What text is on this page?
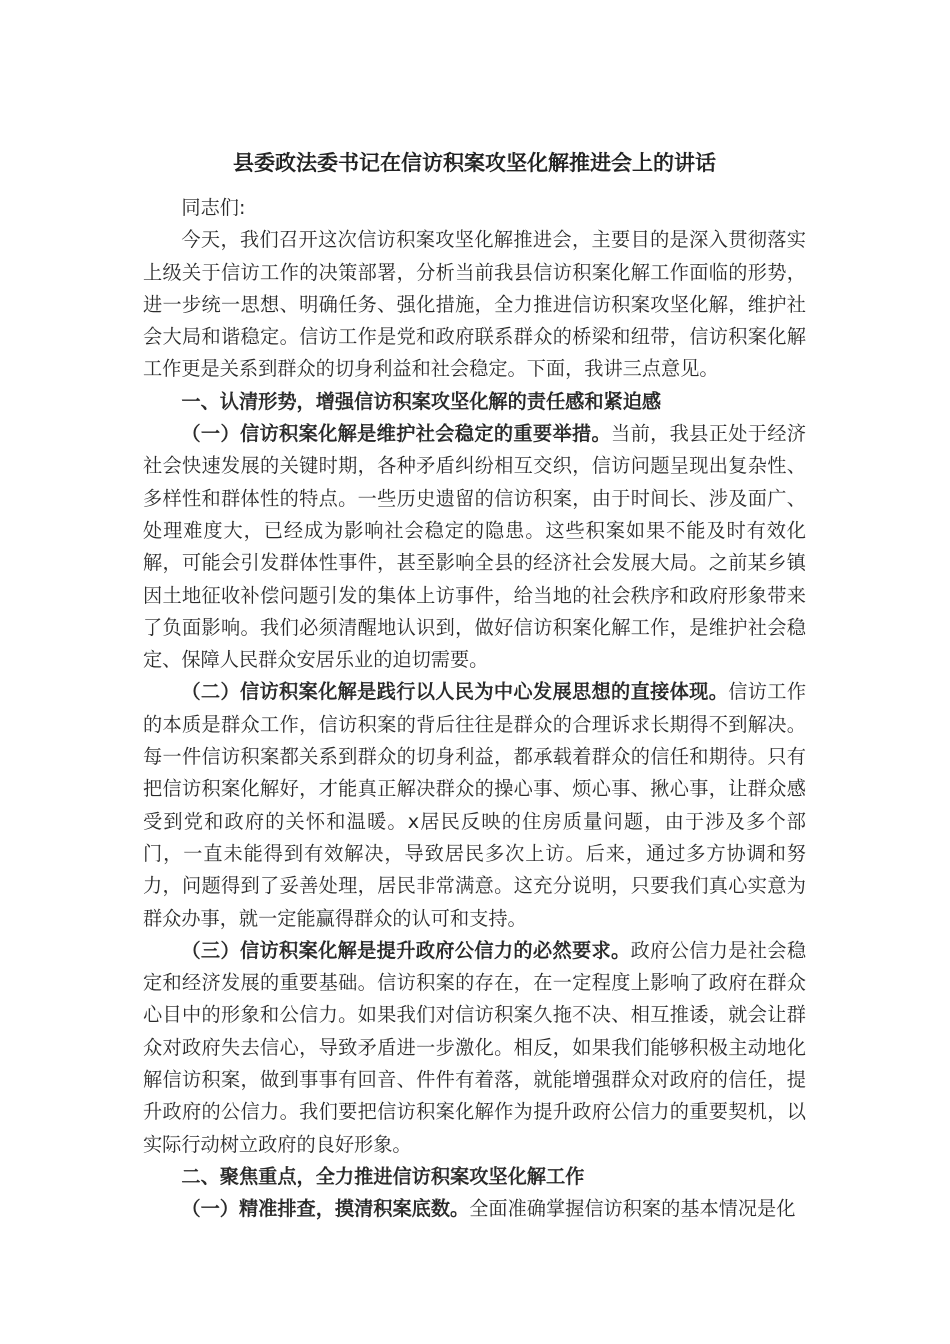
县委政法委书记在信访积案攻坚化解推进会上的讲话

同志们:

今天，我们召开这次信访积案攻坚化解推进会，主要目的是深入贯彻落实上级关于信访工作的决策部署，分析当前我县信访积案化解工作面临的形势，进一步统一思想、明确任务、强化措施，全力推进信访积案攻坚化解，维护社会大局和谐稳定。信访工作是党和政府联系群众的桥梁和纽带，信访积案化解工作更是关系到群众的切身利益和社会稳定。下面，我讲三点意见。

一、认清形势，增强信访积案攻坚化解的责任感和紧迫感

（一）信访积案化解是维护社会稳定的重要举措。当前，我县正处于经济社会快速发展的关键时期，各种矛盾纠纷相互交织，信访问题呈现出复杂性、多样性和群体性的特点。一些历史遗留的信访积案，由于时间长、涉及面广、处理难度大，已经成为影响社会稳定的隐患。这些积案如果不能及时有效化解，可能会引发群体性事件，甚至影响全县的经济社会发展大局。之前某乡镇因土地征收补偿问题引发的集体上访事件，给当地的社会秩序和政府形象带来了负面影响。我们必须清醒地认识到，做好信访积案化解工作，是维护社会稳定、保障人民群众安居乐业的迫切需要。

（二）信访积案化解是践行以人民为中心发展思想的直接体现。信访工作的本质是群众工作，信访积案的背后往往是群众的合理诉求长期得不到解决。每一件信访积案都关系到群众的切身利益，都承载着群众的信任和期待。只有把信访积案化解好，才能真正解决群众的操心事、烦心事、揪心事，让群众感受到党和政府的关怀和温暖。x居民反映的住房质量问题，由于涉及多个部门，一直未能得到有效解决，导致居民多次上访。后来，通过多方协调和努力，问题得到了妥善处理，居民非常满意。这充分说明，只要我们真心实意为群众办事，就一定能赢得群众的认可和支持。

（三）信访积案化解是提升政府公信力的必然要求。政府公信力是社会稳定和经济发展的重要基础。信访积案的存在，在一定程度上影响了政府在群众心目中的形象和公信力。如果我们对信访积案久拖不决、相互推诿，就会让群众对政府失去信心，导致矛盾进一步激化。相反，如果我们能够积极主动地化解信访积案，做到事事有回音、件件有着落，就能增强群众对政府的信任，提升政府的公信力。我们要把信访积案化解作为提升政府公信力的重要契机，以实际行动树立政府的良好形象。

二、聚焦重点，全力推进信访积案攻坚化解工作

（一）精准排查，摸清积案底数。全面准确掌握信访积案的基本情况是化
